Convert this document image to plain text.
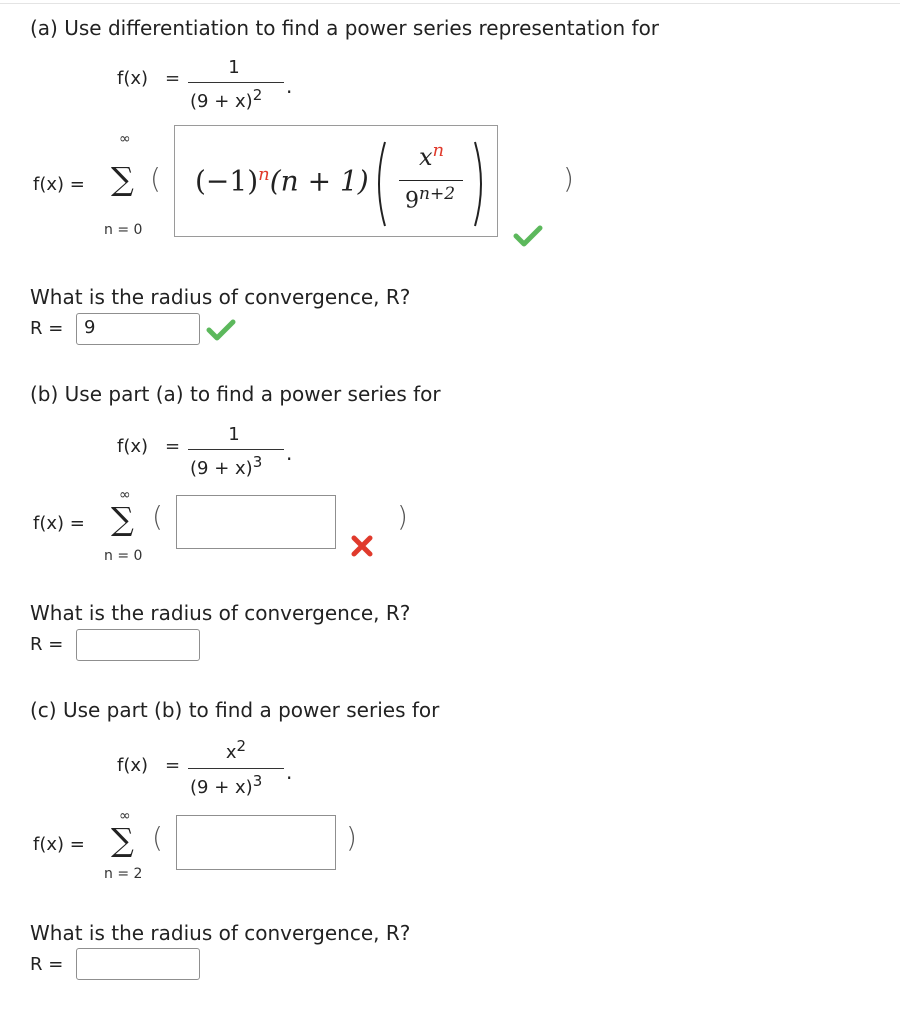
(a) Use differentiation to find a power series representation for
f(x) =
1
$(9 + x)^2$ .
∞
f(x) = ∑
n = 0
( $(-1)^n(n + 1)$
$x^n$
$9^{n+2}$	)
What is the radius of convergence, R?
R =	9
(b) Use part (a) to find a power series for
f(x) =
1
$(9 + x)^3$ .
∞
f(x) = ∑
n = 0
(	)
What is the radius of convergence, R?
R =
(c) Use part (b) to find a power series for
f(x) =
$x^2$
$(9 + x)^3$ .
∞
f(x) = ∑
n = 2
(	)
What is the radius of convergence, R?
R =
